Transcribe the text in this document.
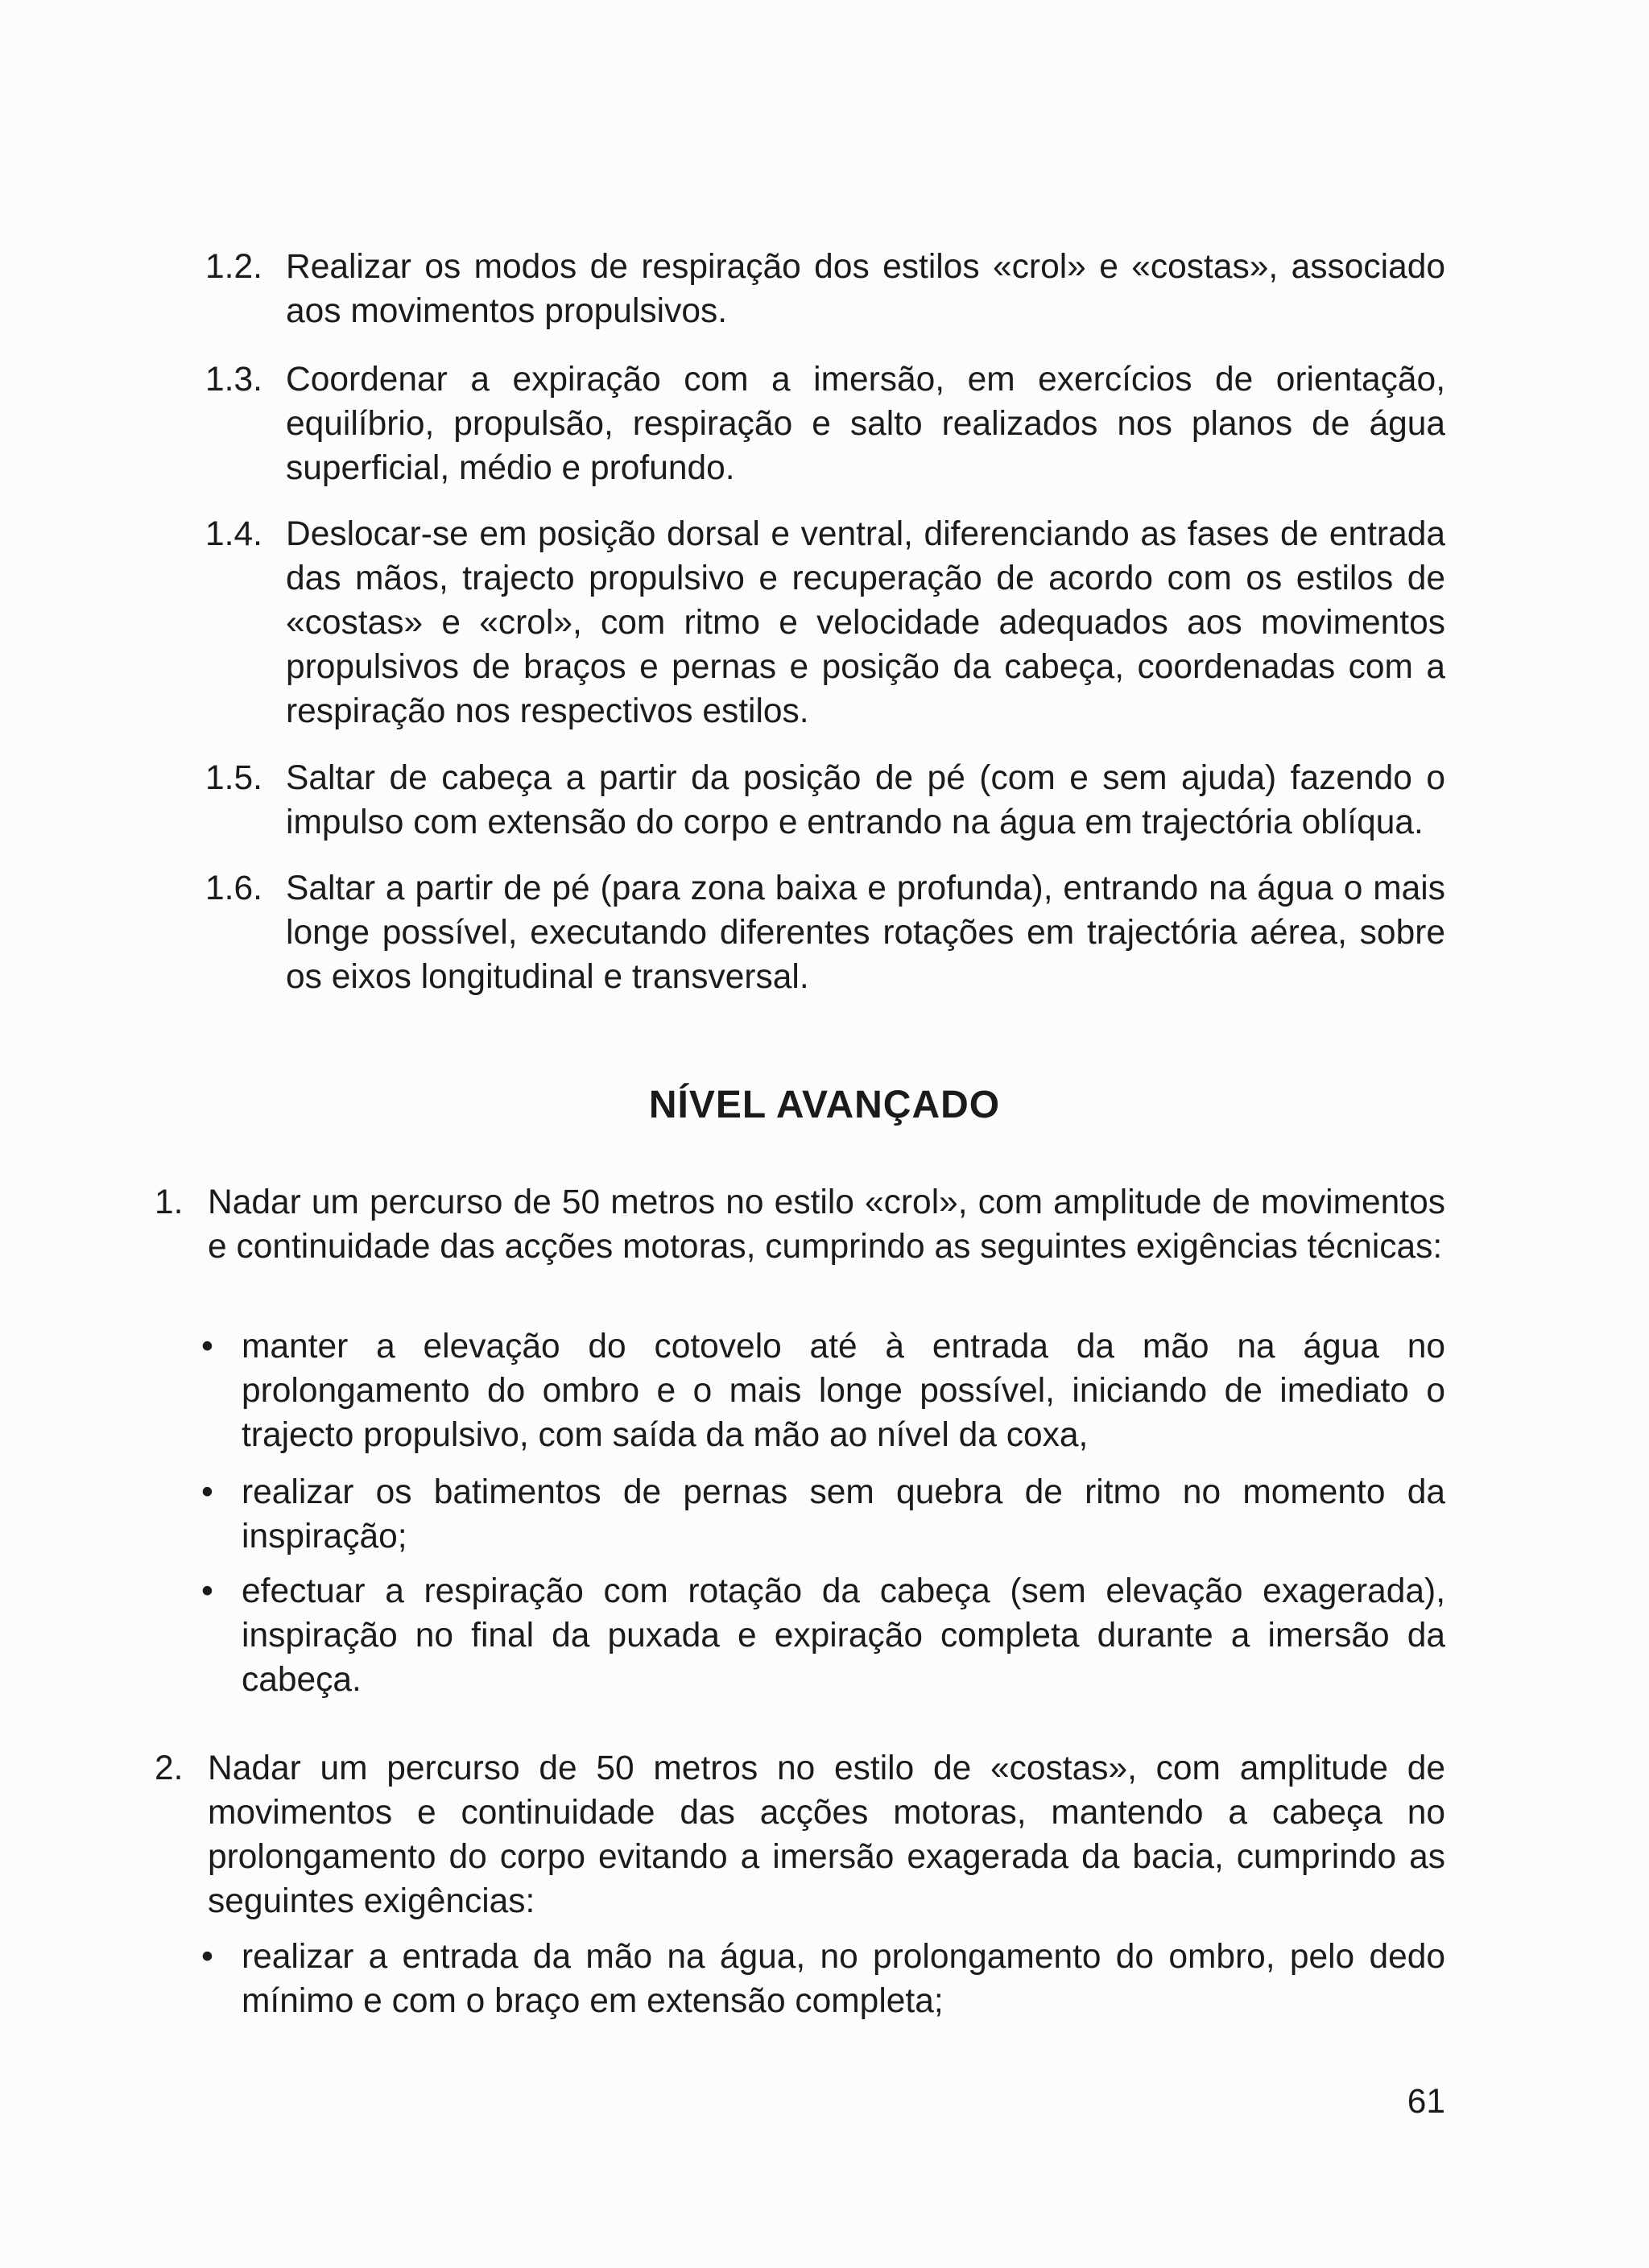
1.2. Realizar os modos de respiração dos estilos «crol» e «costas», associado aos movimentos propulsivos.
1.3. Coordenar a expiração com a imersão, em exercícios de orientação, equilíbrio, propulsão, respiração e salto realizados nos planos de água superficial, médio e profundo.
1.4. Deslocar-se em posição dorsal e ventral, diferenciando as fases de entrada das mãos, trajecto propulsivo e recuperação de acordo com os estilos de «costas» e «crol», com ritmo e velocidade adequados aos movimentos propulsivos de braços e pernas e posição da cabeça, coordenadas com a respiração nos respectivos estilos.
1.5. Saltar de cabeça a partir da posição de pé (com e sem ajuda) fazendo o impulso com extensão do corpo e entrando na água em trajectória oblíqua.
1.6. Saltar a partir de pé (para zona baixa e profunda), entrando na água o mais longe possível, executando diferentes rotações em trajectória aérea, sobre os eixos longitudinal e transversal.
NÍVEL AVANÇADO
1. Nadar um percurso de 50 metros no estilo «crol», com amplitude de movimentos e continuidade das acções motoras, cumprindo as seguintes exigências técnicas:
• manter a elevação do cotovelo até à entrada da mão na água no prolongamento do ombro e o mais longe possível, iniciando de imediato o trajecto propulsivo, com saída da mão ao nível da coxa,
• realizar os batimentos de pernas sem quebra de ritmo no momento da inspiração;
• efectuar a respiração com rotação da cabeça (sem elevação exagerada), inspiração no final da puxada e expiração completa durante a imersão da cabeça.
2. Nadar um percurso de 50 metros no estilo de «costas», com amplitude de movimentos e continuidade das acções motoras, mantendo a cabeça no prolongamento do corpo evitando a imersão exagerada da bacia, cumprindo as seguintes exigências:
• realizar a entrada da mão na água, no prolongamento do ombro, pelo dedo mínimo e com o braço em extensão completa;
61
